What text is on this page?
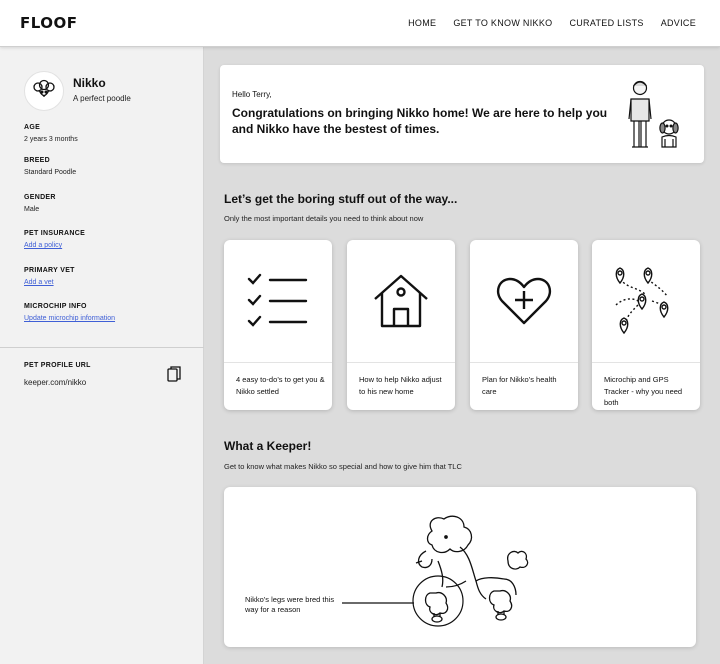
FLOOF	HOME GET TO KNOW NIKKO CURATED LISTS ADVICE
Nikko
A perfect poodle
AGE
2 years 3 months
BREED
Standard Poodle
GENDER
Male
PET INSURANCE
Add a policy
PRIMARY VET
Add a vet
MICROCHIP INFO
Update microchip information
PET PROFILE URL
keeper.com/nikko
Hello Terry,
Congratulations on bringing Nikko home! We are here to help you and Nikko have the bestest of times.
Let’s get the boring stuff out of the way...

Only the most important details you need to think about now

4 easy to-do’s to get you & Nikko settled
How to help Nikko adjust to his new home
Plan for Nikko’s health care
Microchip and GPS Tracker - why you need both
What a Keeper!

Get to know what makes Nikko so special and how to give him that TLC

Nikko’s legs were bred this way for a reason
